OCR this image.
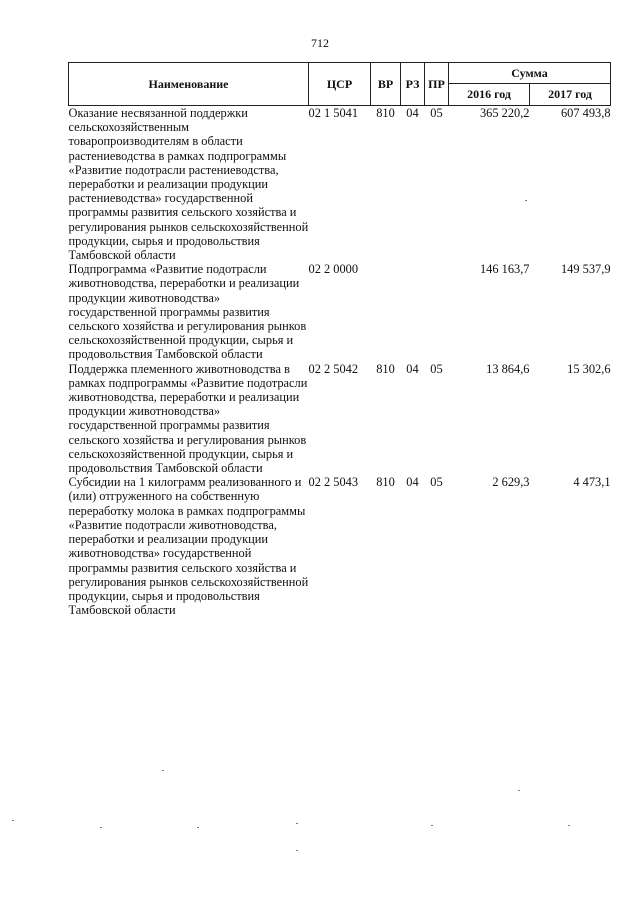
712
Наименование	ЦСР	ВР	РЗ	ПР	Сумма	
					2016 год	2017 год
Оказание несвязанной поддержки сельскохозяйственным товаропроизводителям в области растениеводства в рамках подпрограммы «Развитие подотрасли растениеводства, переработки и реализации продукции растениеводства» государственной программы развития сельского хозяйства и регулирования рынков сельскохозяйственной продукции, сырья и продовольствия Тамбовской области	02 1 5041	810	04	05	365 220,2	607 493,8
Подпрограмма «Развитие подотрасли животноводства, переработки и реализации продукции животноводства» государственной программы развития сельского хозяйства и регулирования рынков сельскохозяйственной продукции, сырья и продовольствия Тамбовской области	02 2 0000				146 163,7	149 537,9
Поддержка племенного животноводства в рамках подпрограммы «Развитие подотрасли животноводства, переработки и реализации продукции животноводства» государственной программы развития сельского хозяйства и регулирования рынков сельскохозяйственной продукции, сырья и продовольствия Тамбовской области	02 2 5042	810	04	05	13 864,6	15 302,6
Субсидии на 1 килограмм реализованного и (или) отгруженного на собственную переработку молока в рамках подпрограммы «Развитие подотрасли животноводства, переработки и реализации продукции животноводства» государственной программы развития сельского хозяйства и регулирования рынков сельскохозяйственной продукции, сырья и продовольствия Тамбовской области	02 2 5043	810	04	05	2 629,3	4 473,1
